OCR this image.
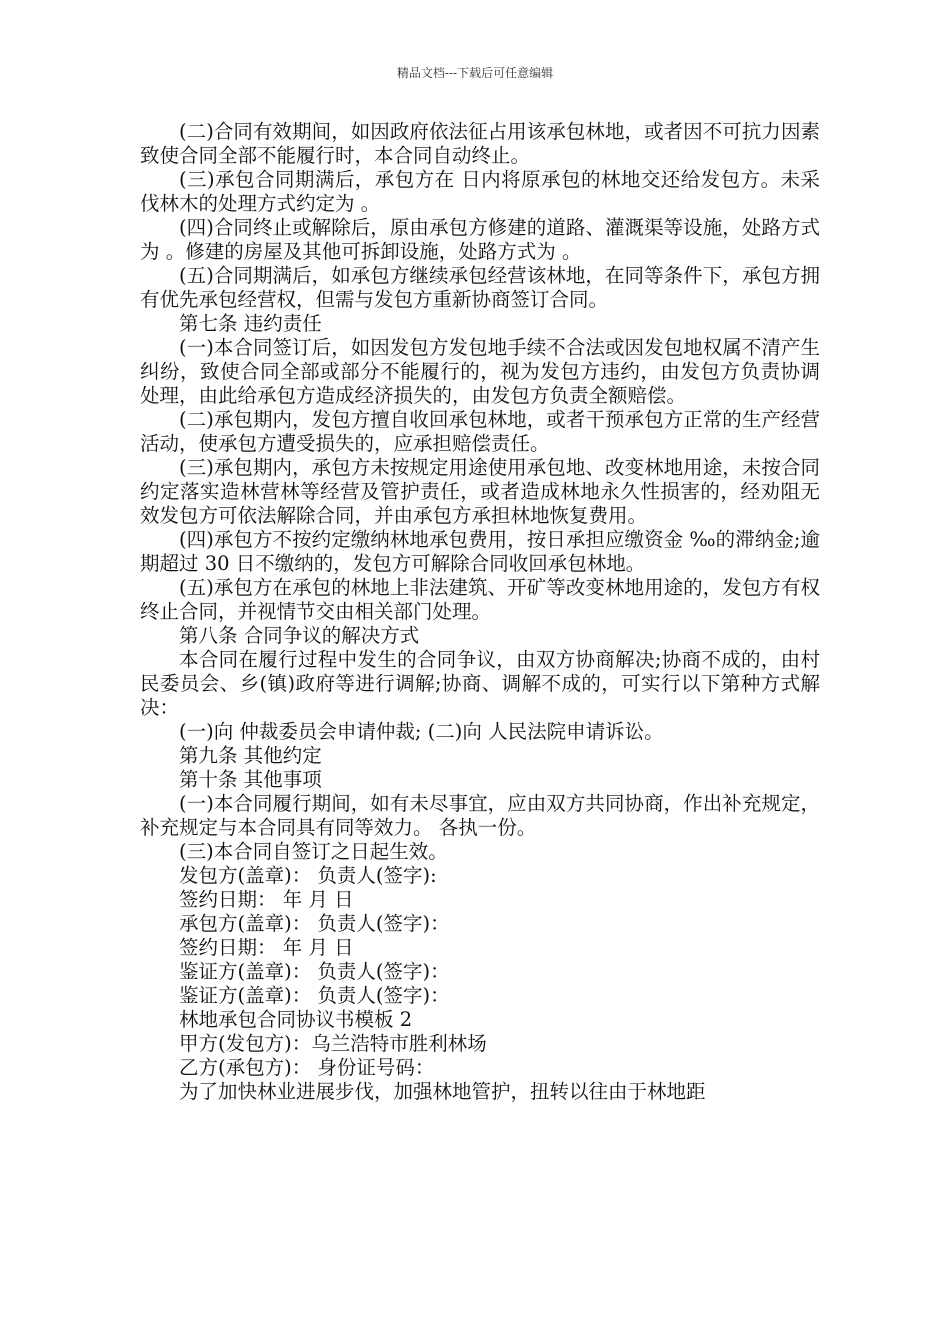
精品文档---下载后可任意编辑

(二)合同有效期间，如因政府依法征占用该承包林地，或者因不可抗力因素致使合同全部不能履行时，本合同自动终止。

(三)承包合同期满后，承包方在 日内将原承包的林地交还给发包方。未采伐林木的处理方式约定为 。

(四)合同终止或解除后，原由承包方修建的道路、灌溉渠等设施，处路方式为 。修建的房屋及其他可拆卸设施，处路方式为 。

(五)合同期满后，如承包方继续承包经营该林地，在同等条件下，承包方拥有优先承包经营权，但需与发包方重新协商签订合同。

第七条 违约责任

(一)本合同签订后，如因发包方发包地手续不合法或因发包地权属不清产生纠纷，致使合同全部或部分不能履行的，视为发包方违约，由发包方负责协调处理，由此给承包方造成经济损失的，由发包方负责全额赔偿。

(二)承包期内，发包方擅自收回承包林地，或者干预承包方正常的生产经营活动，使承包方遭受损失的，应承担赔偿责任。

(三)承包期内，承包方未按规定用途使用承包地、改变林地用途，未按合同约定落实造林营林等经营及管护责任，或者造成林地永久性损害的，经劝阻无效发包方可依法解除合同，并由承包方承担林地恢复费用。

(四)承包方不按约定缴纳林地承包费用，按日承担应缴资金 ‰的滞纳金;逾期超过 30 日不缴纳的，发包方可解除合同收回承包林地。

(五)承包方在承包的林地上非法建筑、开矿等改变林地用途的，发包方有权终止合同，并视情节交由相关部门处理。

第八条 合同争议的解决方式

本合同在履行过程中发生的合同争议，由双方协商解决;协商不成的，由村民委员会、乡(镇)政府等进行调解;协商、调解不成的，可实行以下第种方式解决：

(一)向 仲裁委员会申请仲裁; (二)向 人民法院申请诉讼。

第九条 其他约定

第十条 其他事项

(一)本合同履行期间，如有未尽事宜，应由双方共同协商，作出补充规定，补充规定与本合同具有同等效力。 各执一份。

(三)本合同自签订之日起生效。

发包方(盖章)： 负责人(签字):

签约日期： 年 月 日

承包方(盖章)： 负责人(签字)：

签约日期： 年 月 日

鉴证方(盖章)： 负责人(签字)：

鉴证方(盖章)： 负责人(签字)：

林地承包合同协议书模板 2

甲方(发包方)：乌兰浩特市胜利林场

乙方(承包方)： 身份证号码：

为了加快林业进展步伐，加强林地管护，扭转以往由于林地距
